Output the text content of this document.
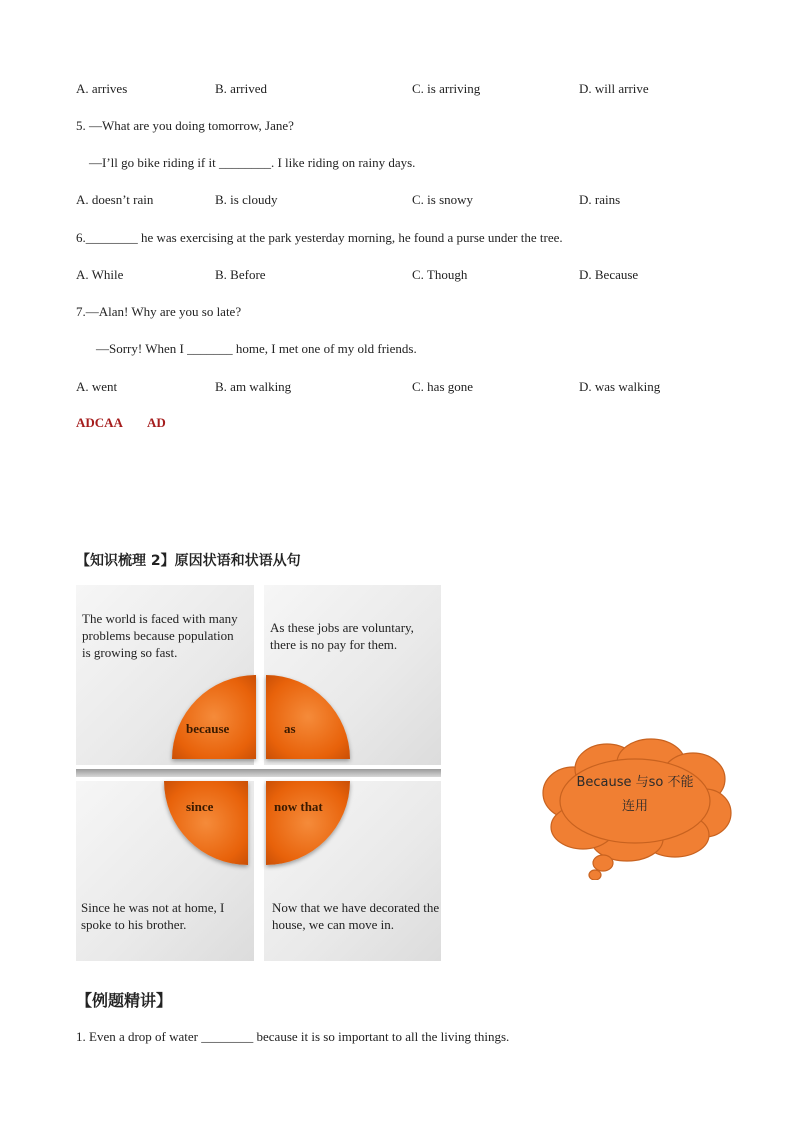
A. arrives	B. arrived	C. is arriving	D. will arrive
5. —What are you doing tomorrow, Jane?
—I’ll go bike riding if it ________. I like riding on rainy days.
A. doesn’t rain	B. is cloudy	C. is snowy	D. rains
6.________ he was exercising at the park yesterday morning, he found a purse under the tree.
A. While	B. Before	C. Though	D. Because
7.—Alan! Why are you so late?
—Sorry! When I _______ home, I met one of my old friends.
A. went	B. am walking	C. has gone	D. was walking
ADCAA AD
【知识梳理 2】原因状语和状语从句
The world is faced with many problems because population is growing so fast.
As these jobs are voluntary, there is no pay for them.
Since he was not at home, I spoke to his brother.
Now that we have decorated the house, we can move in.
because	as
since	now that
Because 与so 不能
连用
【例题精讲】
1. Even a drop of water ________ because it is so important to all the living things.
